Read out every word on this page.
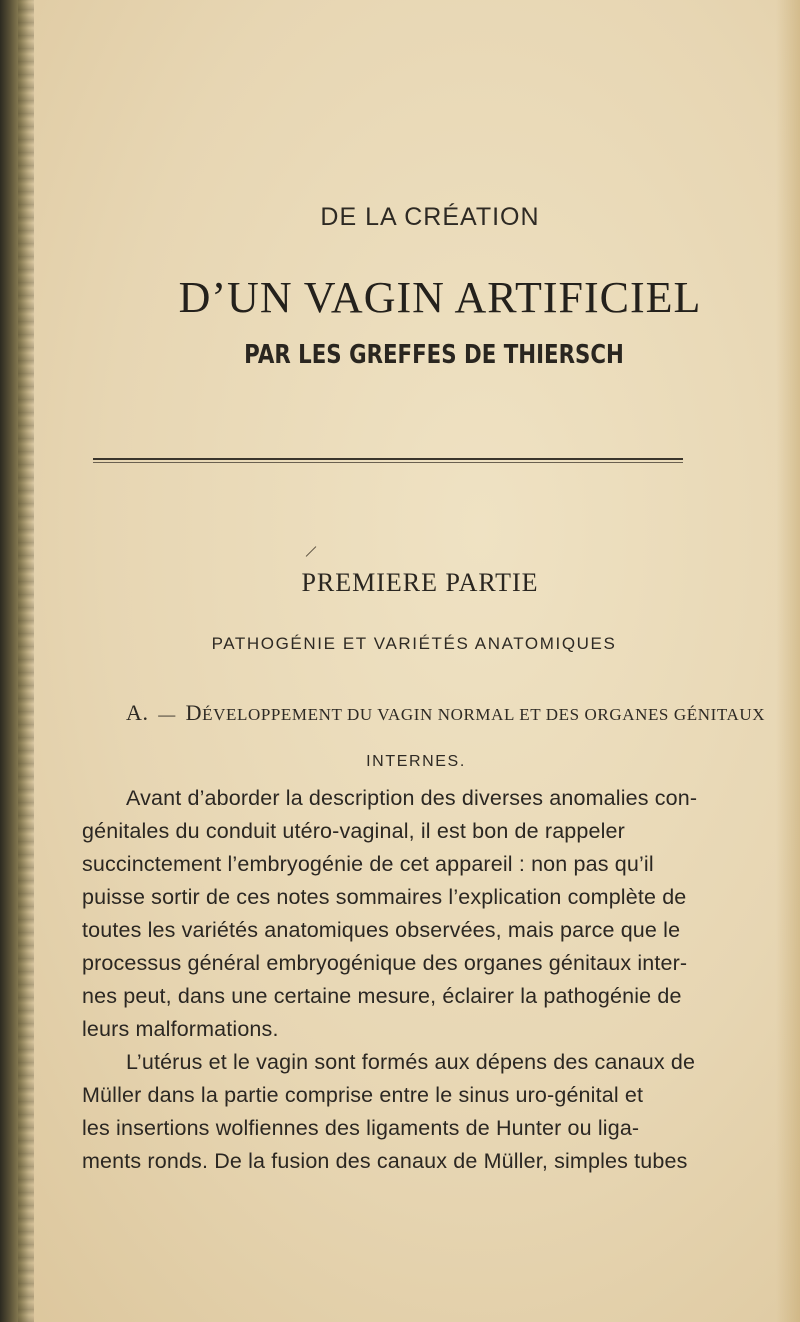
DE LA CRÉATION
D’UN VAGIN ARTIFICIEL
PAR LES GREFFES DE THIERSCH
PREMIERE PARTIE
PATHOGÉNIE ET VARIÉTÉS ANATOMIQUES
A. — DÉVELOPPEMENT DU VAGIN NORMAL ET DES ORGANES GÉNITAUX
INTERNES.
Avant d’aborder la description des diverses anomalies con-
génitales du conduit utéro-vaginal, il est bon de rappeler
succinctement l’embryogénie de cet appareil : non pas qu’il
puisse sortir de ces notes sommaires l’explication complète de
toutes les variétés anatomiques observées, mais parce que le
processus général embryogénique des organes génitaux inter-
nes peut, dans une certaine mesure, éclairer la pathogénie de
leurs malformations.
L’utérus et le vagin sont formés aux dépens des canaux de
Müller dans la partie comprise entre le sinus uro-génital et
les insertions wolfiennes des ligaments de Hunter ou liga-
ments ronds. De la fusion des canaux de Müller, simples tubes
